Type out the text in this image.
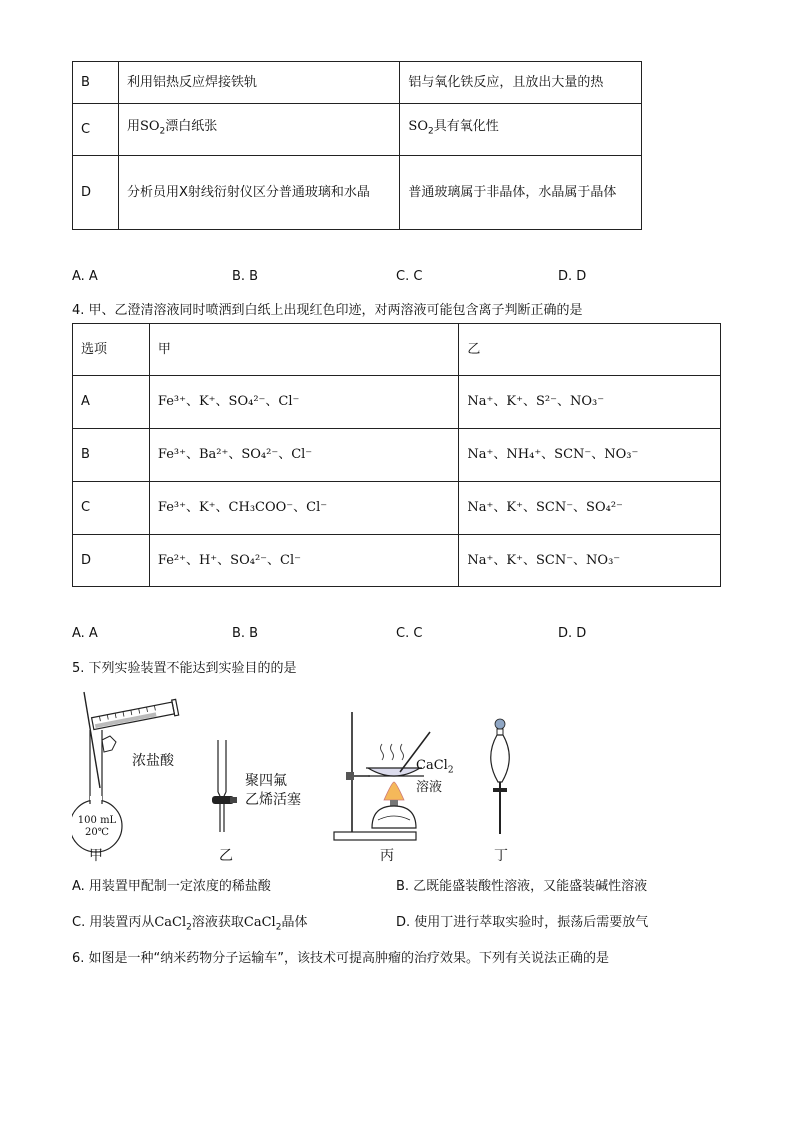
B	利用铝热反应焊接铁轨	铝与氧化铁反应，且放出大量的热
C	用$SO_2$漂白纸张	$SO_2$具有氧化性
D	分析员用X射线衍射仪区分普通玻璃和水晶	普通玻璃属于非晶体，水晶属于晶体
A. A	B. B	C. C	D. D
4. 甲、乙澄清溶液同时喷洒到白纸上出现红色印迹，对两溶液可能包含离子判断正确的是
选项	甲	乙
A	Fe³⁺、K⁺、SO₄²⁻、Cl⁻	Na⁺、K⁺、S²⁻、NO₃⁻
B	Fe³⁺、Ba²⁺、SO₄²⁻、Cl⁻	Na⁺、NH₄⁺、SCN⁻、NO₃⁻
C	Fe³⁺、K⁺、CH₃COO⁻、Cl⁻	Na⁺、K⁺、SCN⁻、SO₄²⁻
D	Fe²⁺、H⁺、SO₄²⁻、Cl⁻	Na⁺、K⁺、SCN⁻、NO₃⁻
A. A	B. B	C. C	D. D
5. 下列实验装置不能达到实验目的的是
浓盐酸
100 mL
20℃
甲
聚四氟
乙烯活塞
乙
CaCl$_2$
溶液
丙	丁
A. 用装置甲配制一定浓度的稀盐酸	B. 乙既能盛装酸性溶液，又能盛装碱性溶液
C. 用装置丙从CaCl$_2$溶液获取CaCl$_2$晶体	D. 使用丁进行萃取实验时，振荡后需要放气
6. 如图是一种“纳米药物分子运输车”，该技术可提高肿瘤的治疗效果。下列有关说法正确的是
